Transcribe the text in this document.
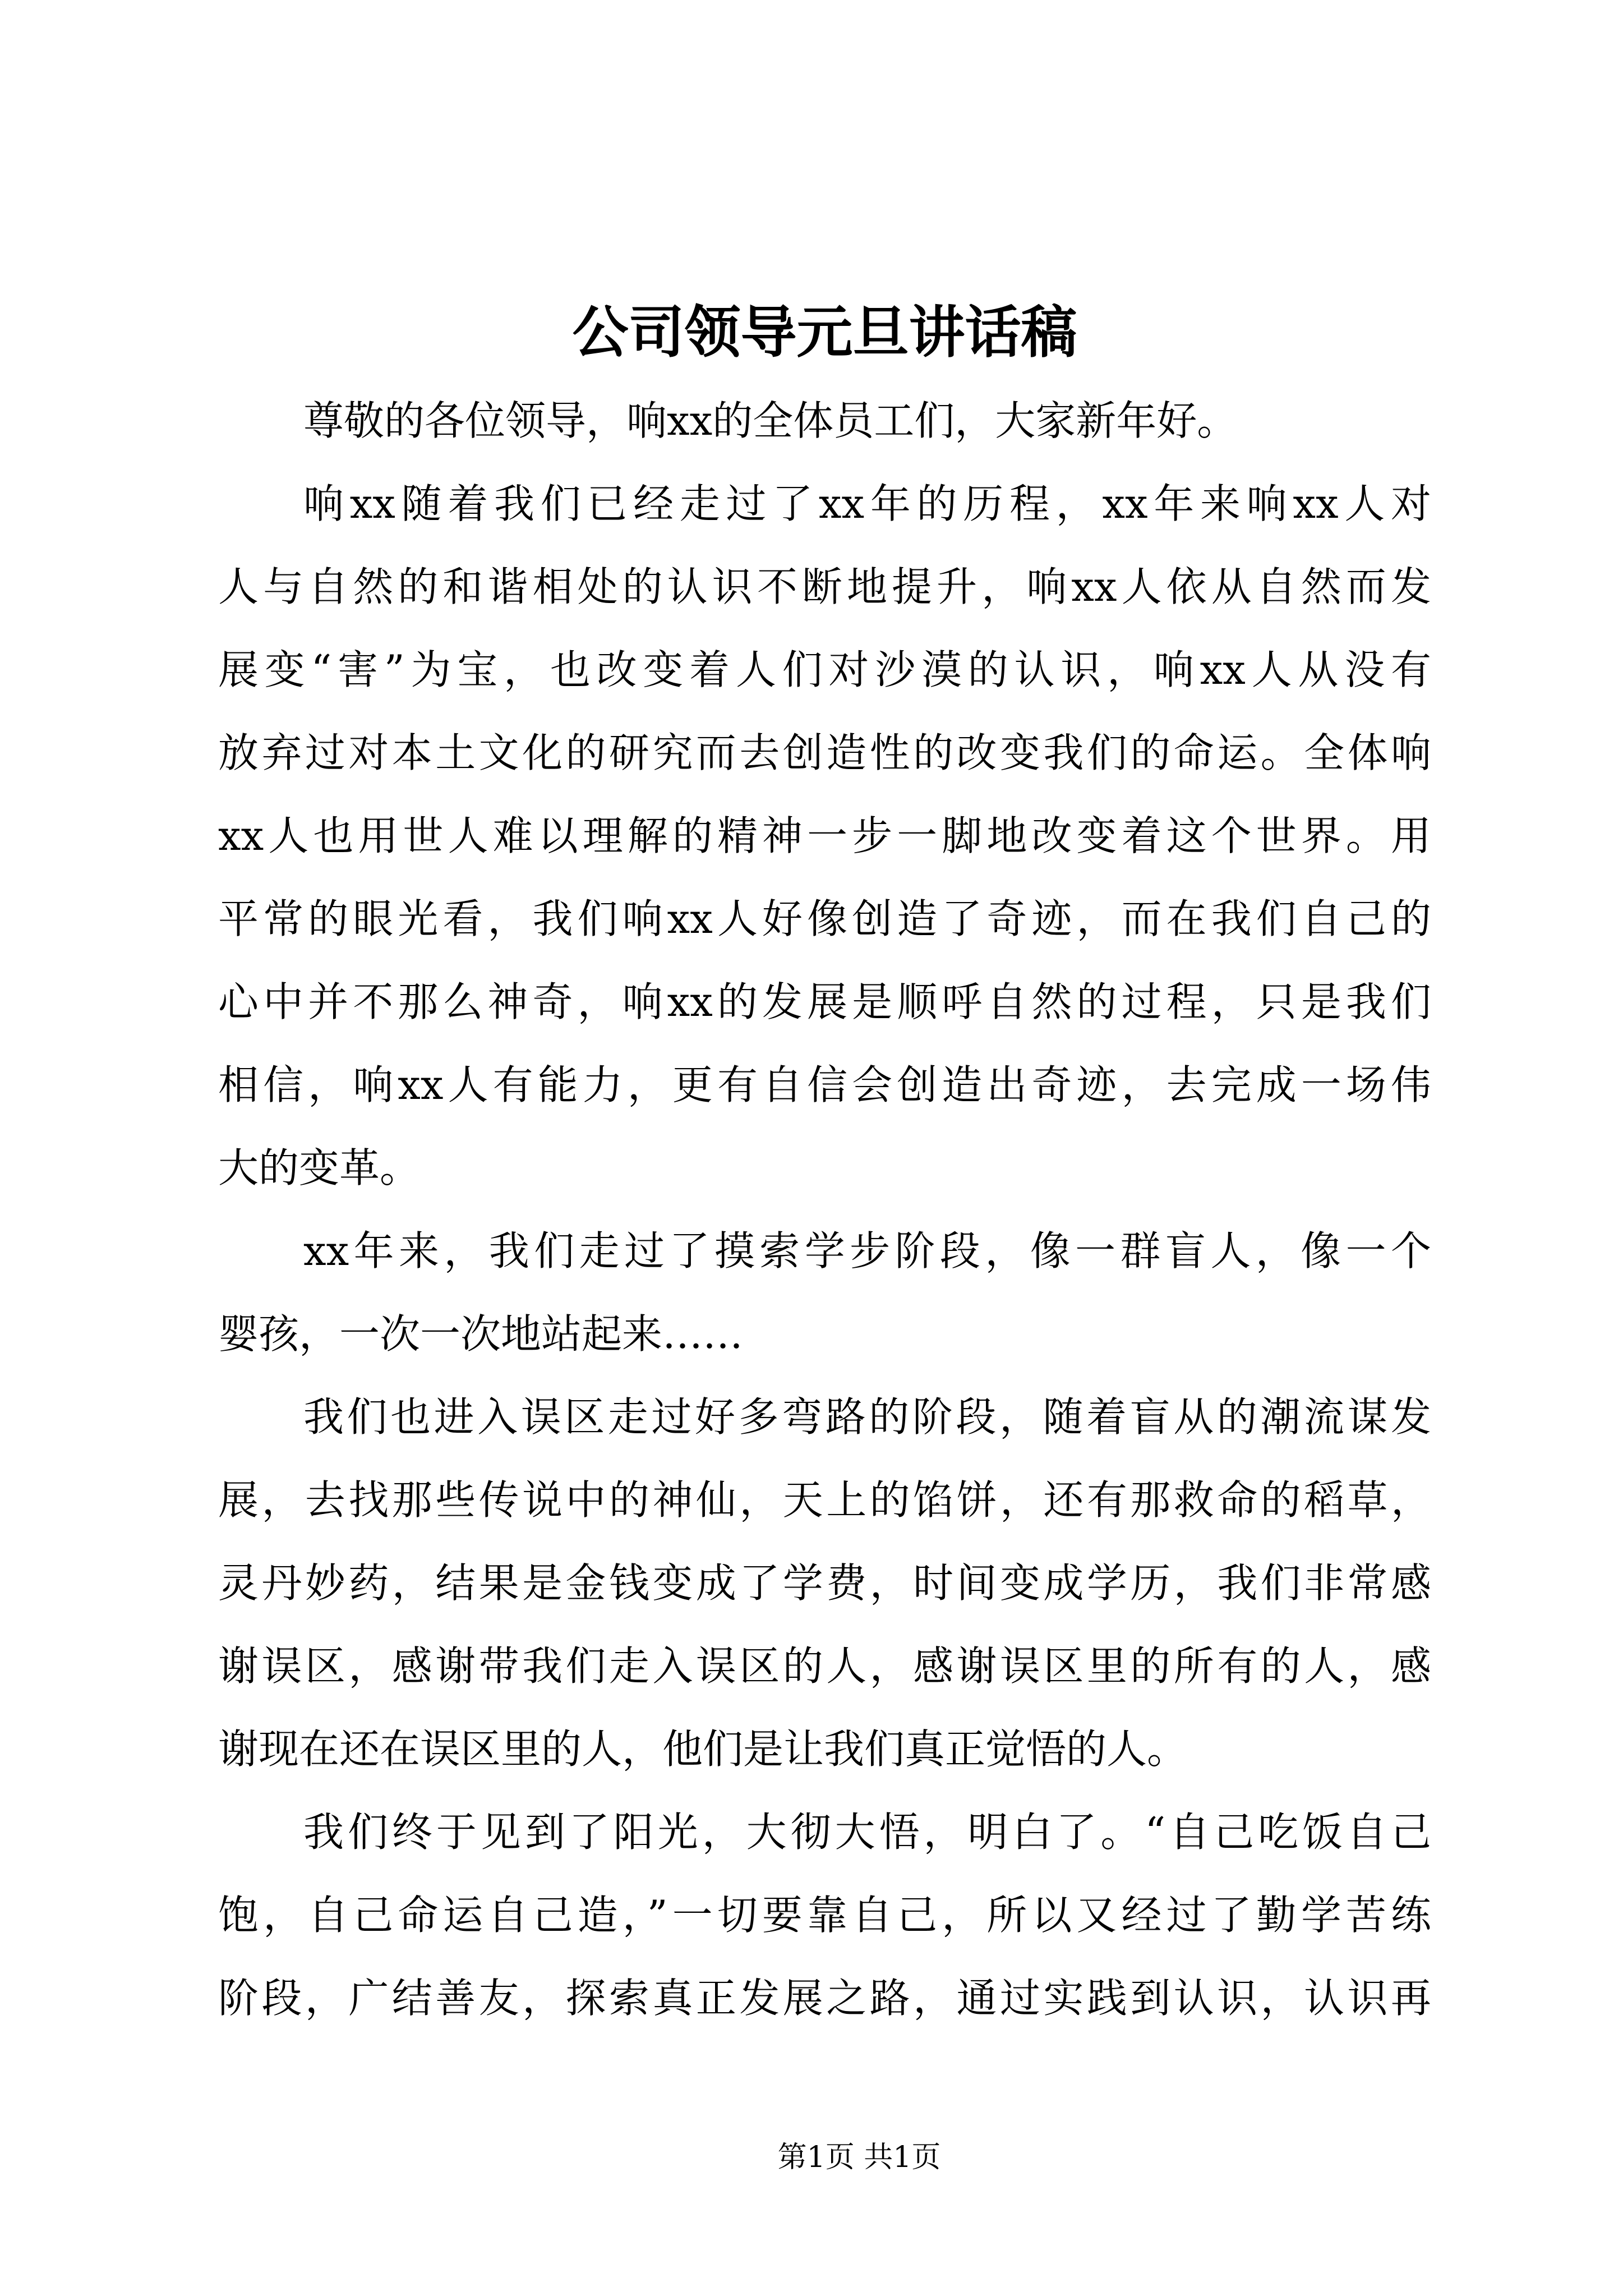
公司领导元旦讲话稿
尊敬的各位领导，响xx的全体员工们，大家新年好。
响xx随着我们已经走过了xx年的历程，xx年来响xx人对
人与自然的和谐相处的认识不断地提升，响xx人依从自然而发
展变“害”为宝，也改变着人们对沙漠的认识，响xx人从没有
放弃过对本土文化的研究而去创造性的改变我们的命运。全体响
xx人也用世人难以理解的精神一步一脚地改变着这个世界。用
平常的眼光看，我们响xx人好像创造了奇迹，而在我们自己的
心中并不那么神奇，响xx的发展是顺呼自然的过程，只是我们
相信，响xx人有能力，更有自信会创造出奇迹，去完成一场伟
大的变革。
xx年来，我们走过了摸索学步阶段，像一群盲人，像一个
婴孩，一次一次地站起来……
我们也进入误区走过好多弯路的阶段，随着盲从的潮流谋发
展，去找那些传说中的神仙，天上的馅饼，还有那救命的稻草，
灵丹妙药，结果是金钱变成了学费，时间变成学历，我们非常感
谢误区，感谢带我们走入误区的人，感谢误区里的所有的人，感
谢现在还在误区里的人，他们是让我们真正觉悟的人。
我们终于见到了阳光，大彻大悟，明白了。“自己吃饭自己
饱，自己命运自己造，”一切要靠自己，所以又经过了勤学苦练
阶段，广结善友，探索真正发展之路，通过实践到认识，认识再
第1页 共1页
